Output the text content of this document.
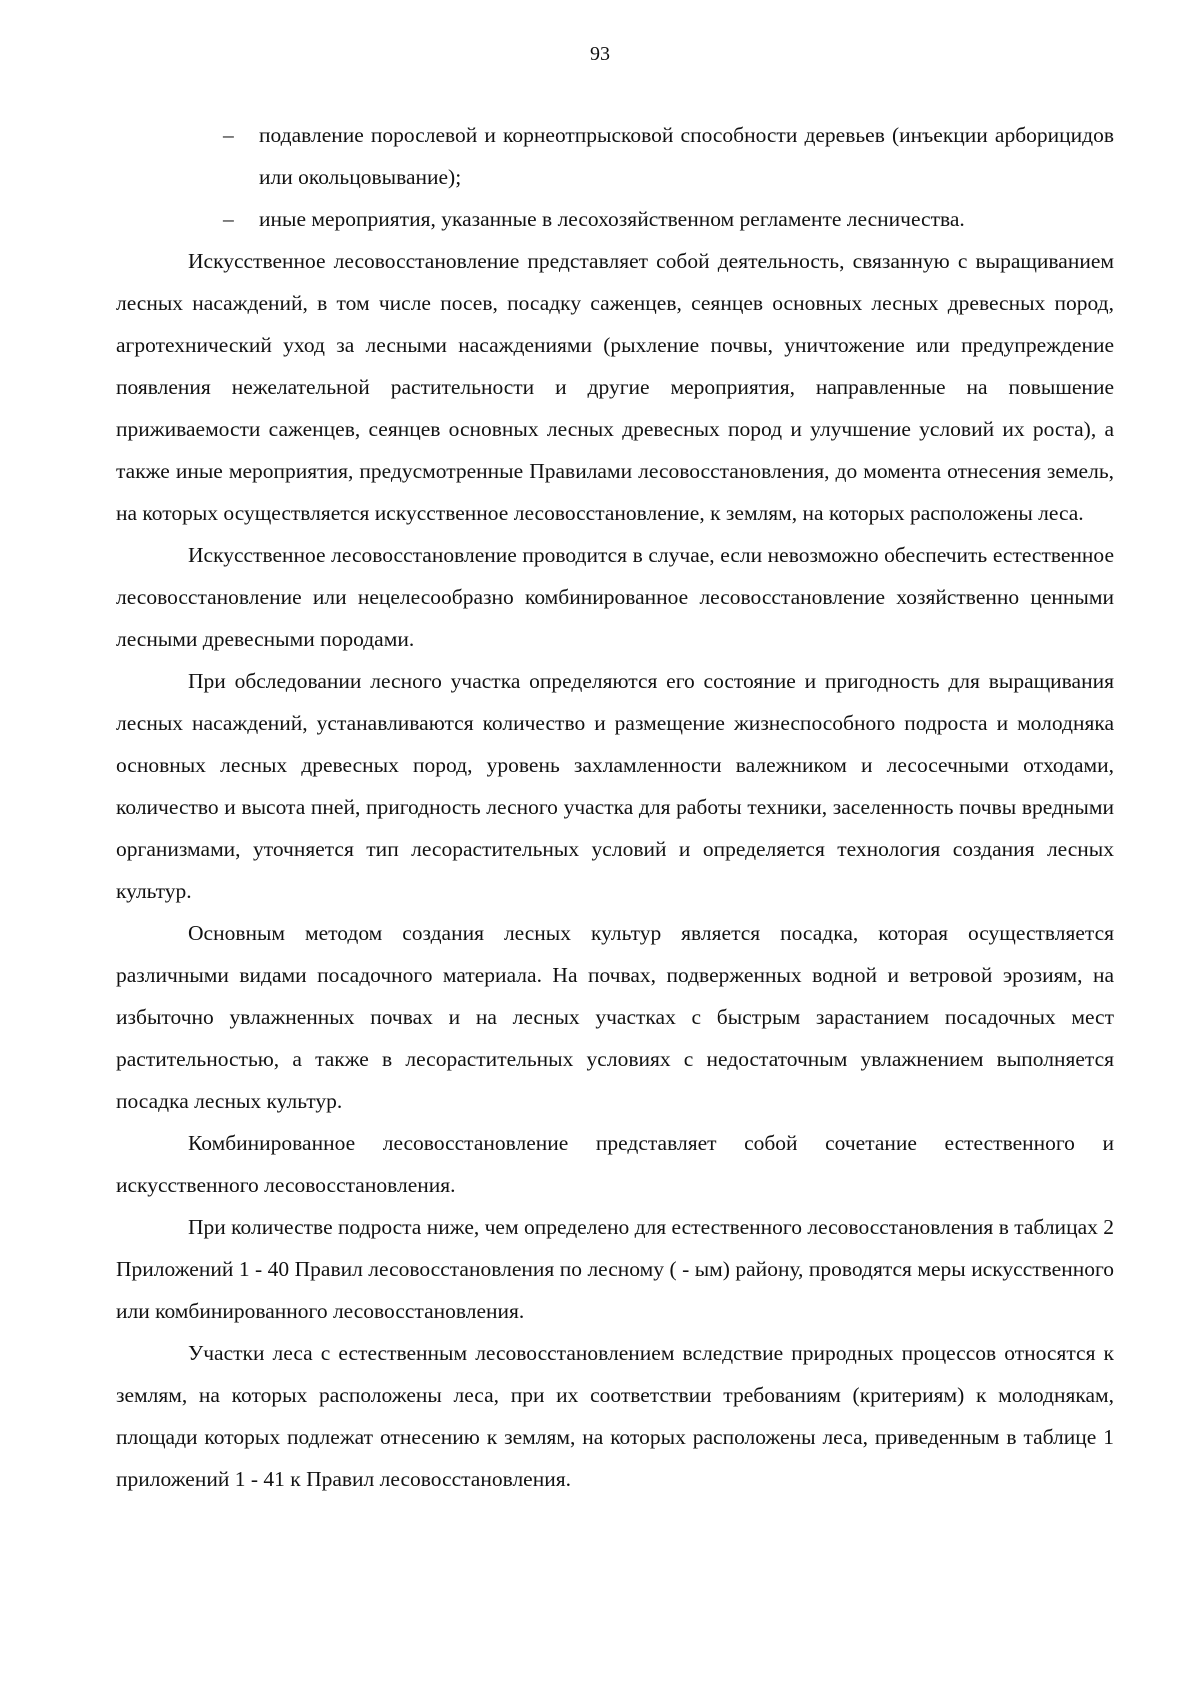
93
– подавление порослевой и корнеотпрысковой способности деревьев (инъекции арборицидов или окольцовывание);
– иные мероприятия, указанные в лесохозяйственном регламенте лесничества.

Искусственное лесовосстановление представляет собой деятельность, связанную с выращиванием лесных насаждений, в том числе посев, посадку саженцев, сеянцев основных лесных древесных пород, агротехнический уход за лесными насаждениями (рыхление почвы, уничтожение или предупреждение появления нежелательной растительности и другие мероприятия, направленные на повышение приживаемости саженцев, сеянцев основных лесных древесных пород и улучшение условий их роста), а также иные мероприятия, предусмотренные Правилами лесовосстановления, до момента отнесения земель, на которых осуществляется искусственное лесовосстановление, к землям, на которых расположены леса.

Искусственное лесовосстановление проводится в случае, если невозможно обеспечить естественное лесовосстановление или нецелесообразно комбинированное лесовосстановление хозяйственно ценными лесными древесными породами.

При обследовании лесного участка определяются его состояние и пригодность для выращивания лесных насаждений, устанавливаются количество и размещение жизнеспособного подроста и молодняка основных лесных древесных пород, уровень захламленности валежником и лесосечными отходами, количество и высота пней, пригодность лесного участка для работы техники, заселенность почвы вредными организмами, уточняется тип лесорастительных условий и определяется технология создания лесных культур.

Основным методом создания лесных культур является посадка, которая осуществляется различными видами посадочного материала. На почвах, подверженных водной и ветровой эрозиям, на избыточно увлажненных почвах и на лесных участках с быстрым зарастанием посадочных мест растительностью, а также в лесорастительных условиях с недостаточным увлажнением выполняется посадка лесных культур.

Комбинированное лесовосстановление представляет собой сочетание естественного и искусственного лесовосстановления.

При количестве подроста ниже, чем определено для естественного лесовосстановления в таблицах 2 Приложений 1 - 40 Правил лесовосстановления по лесному ( - ым) району, проводятся меры искусственного или комбинированного лесовосстановления.

Участки леса с естественным лесовосстановлением вследствие природных процессов относятся к землям, на которых расположены леса, при их соответствии требованиям (критериям) к молоднякам, площади которых подлежат отнесению к землям, на которых расположены леса, приведенным в таблице 1 приложений 1 - 41 к Правил лесовосстановления.
